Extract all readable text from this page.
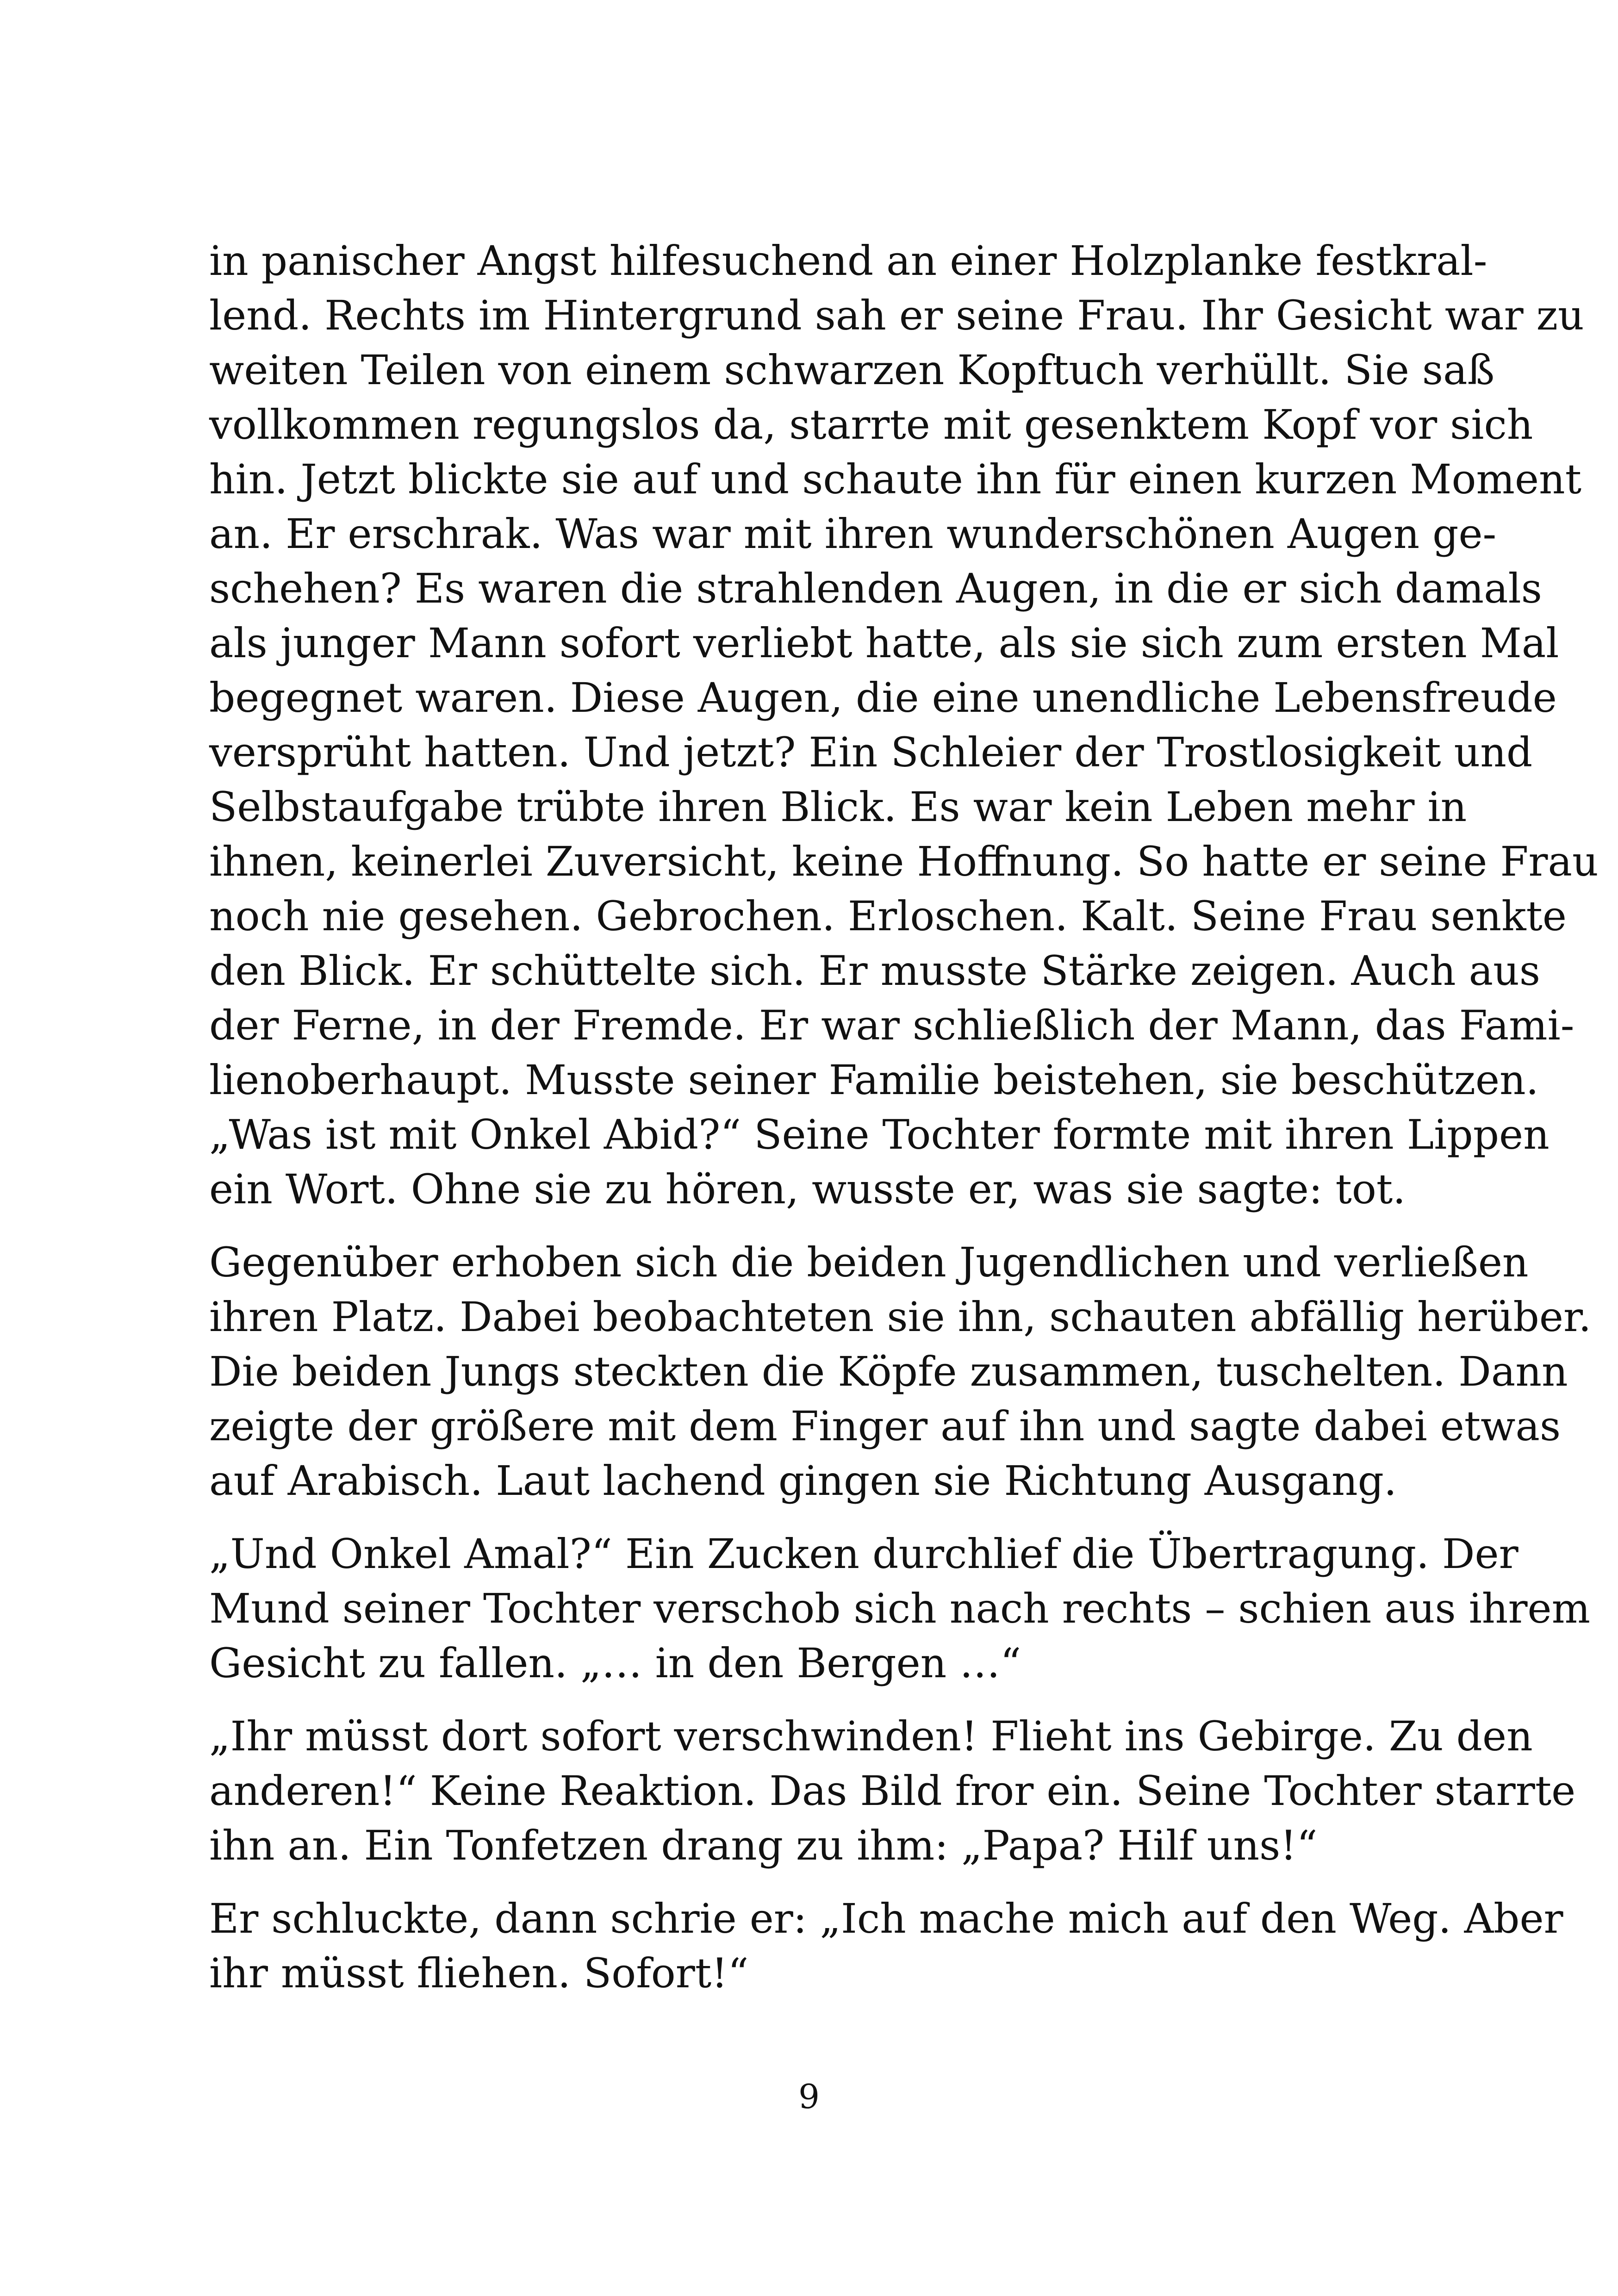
in panischer Angst hilfesuchend an einer Holzplanke festkral-
lend. Rechts im Hintergrund sah er seine Frau. Ihr Gesicht war zu
weiten Teilen von einem schwarzen Kopftuch verhüllt. Sie saß
vollkommen regungslos da, starrte mit gesenktem Kopf vor sich
hin. Jetzt blickte sie auf und schaute ihn für einen kurzen Moment
an. Er erschrak. Was war mit ihren wunderschönen Augen ge-
schehen? Es waren die strahlenden Augen, in die er sich damals
als junger Mann sofort verliebt hatte, als sie sich zum ersten Mal
begegnet waren. Diese Augen, die eine unendliche Lebensfreude
versprüht hatten. Und jetzt? Ein Schleier der Trostlosigkeit und
Selbstaufgabe trübte ihren Blick. Es war kein Leben mehr in
ihnen, keinerlei Zuversicht, keine Hoffnung. So hatte er seine Frau
noch nie gesehen. Gebrochen. Erloschen. Kalt. Seine Frau senkte
den Blick. Er schüttelte sich. Er musste Stärke zeigen. Auch aus
der Ferne, in der Fremde. Er war schließlich der Mann, das Fami-
lienoberhaupt. Musste seiner Familie beistehen, sie beschützen.
„Was ist mit Onkel Abid?“ Seine Tochter formte mit ihren Lippen
ein Wort. Ohne sie zu hören, wusste er, was sie sagte: tot.

Gegenüber erhoben sich die beiden Jugendlichen und verließen
ihren Platz. Dabei beobachteten sie ihn, schauten abfällig herüber.
Die beiden Jungs steckten die Köpfe zusammen, tuschelten. Dann
zeigte der größere mit dem Finger auf ihn und sagte dabei etwas
auf Arabisch. Laut lachend gingen sie Richtung Ausgang.

„Und Onkel Amal?“ Ein Zucken durchlief die Übertragung. Der
Mund seiner Tochter verschob sich nach rechts – schien aus ihrem
Gesicht zu fallen. „… in den Bergen …“

„Ihr müsst dort sofort verschwinden! Flieht ins Gebirge. Zu den
anderen!“ Keine Reaktion. Das Bild fror ein. Seine Tochter starrte
ihn an. Ein Tonfetzen drang zu ihm: „Papa? Hilf uns!“

Er schluckte, dann schrie er: „Ich mache mich auf den Weg. Aber
ihr müsst fliehen. Sofort!“

9
